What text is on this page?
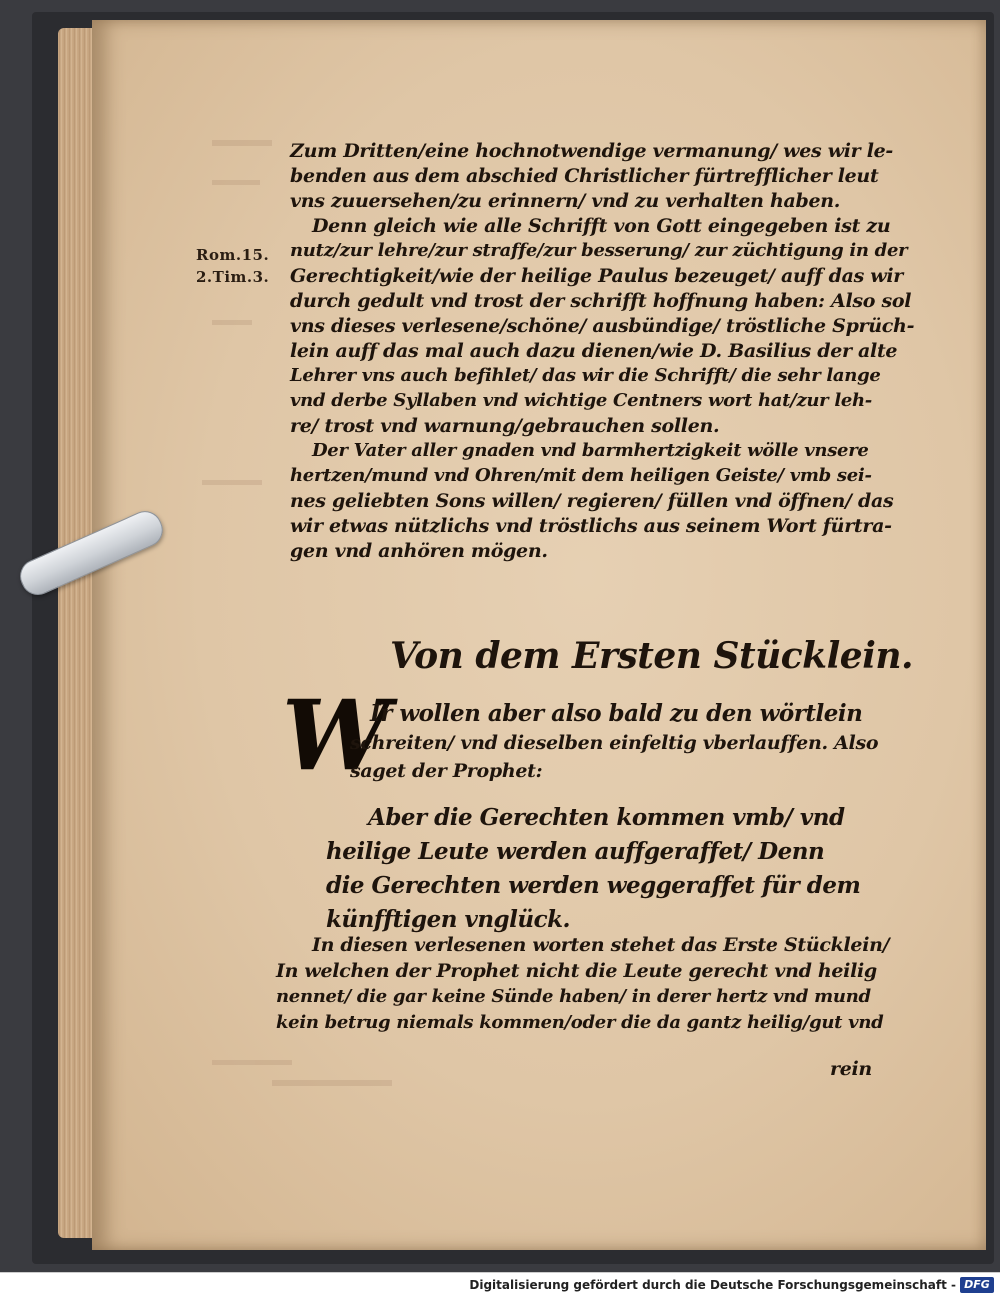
Rom.15.
2.Tim.3.
Zum Dritten/eine hochnotwendige vermanung/ wes wir le-
benden aus dem abschied Christlicher fürtrefflicher leut
vns zuuersehen/zu erinnern/ vnd zu verhalten haben.
Denn gleich wie alle Schrifft von Gott eingegeben ist zu
nutz/zur lehre/zur straffe/zur besserung/ zur züchtigung in der
Gerechtigkeit/wie der heilige Paulus bezeuget/ auff das wir
durch gedult vnd trost der schrifft hoffnung haben: Also sol
vns dieses verlesene/schöne/ ausbündige/ tröstliche Sprüch-
lein auff das mal auch dazu dienen/wie D. Basilius der alte
Lehrer vns auch befihlet/ das wir die Schrifft/ die sehr lange
vnd derbe Syllaben vnd wichtige Centners wort hat/zur leh-
re/ trost vnd warnung/gebrauchen sollen.
Der Vater aller gnaden vnd barmhertzigkeit wölle vnsere
hertzen/mund vnd Ohren/mit dem heiligen Geiste/ vmb sei-
nes geliebten Sons willen/ regieren/ füllen vnd öffnen/ das
wir etwas nützlichs vnd tröstlichs aus seinem Wort fürtra-
gen vnd anhören mögen.
Von dem Ersten Stücklein.
W
Ir wollen aber also bald zu den wörtlein
schreiten/ vnd dieselben einfeltig vberlauffen. Also
saget der Prophet:
Aber die Gerechten kommen vmb/ vnd
heilige Leute werden auffgeraffet/ Denn
die Gerechten werden weggeraffet für dem
künfftigen vnglück.
In diesen verlesenen worten stehet das Erste Stücklein/
In welchen der Prophet nicht die Leute gerecht vnd heilig
nennet/ die gar keine Sünde haben/ in derer hertz vnd mund
kein betrug niemals kommen/oder die da gantz heilig/gut vnd
rein
Digitalisierung gefördert durch die Deutsche Forschungsgemeinschaft - DFG
